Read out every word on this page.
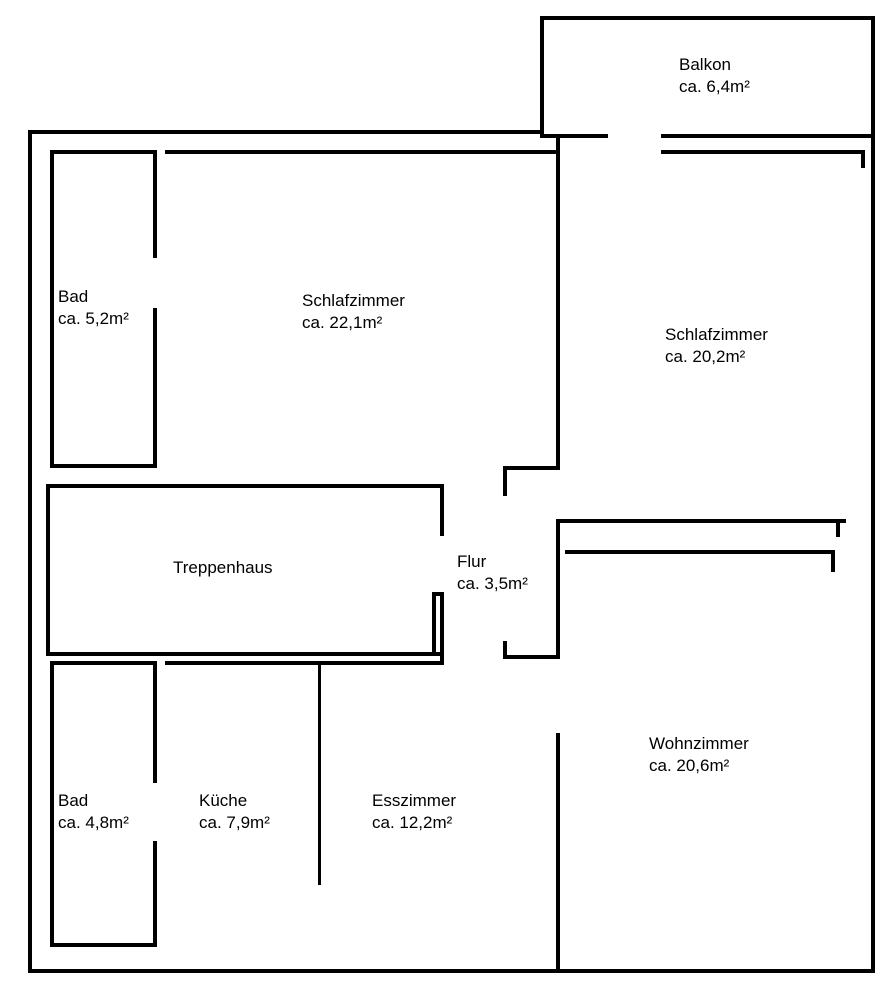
Balkon
ca. 6,4m²
Bad
ca. 5,2m²
Schlafzimmer
ca. 22,1m²
Schlafzimmer
ca. 20,2m²
Treppenhaus	Flur
ca. 3,5m²
Wohnzimmer
ca. 20,6m²
Bad
ca. 4,8m²
Küche
ca. 7,9m²
Esszimmer
ca. 12,2m²
